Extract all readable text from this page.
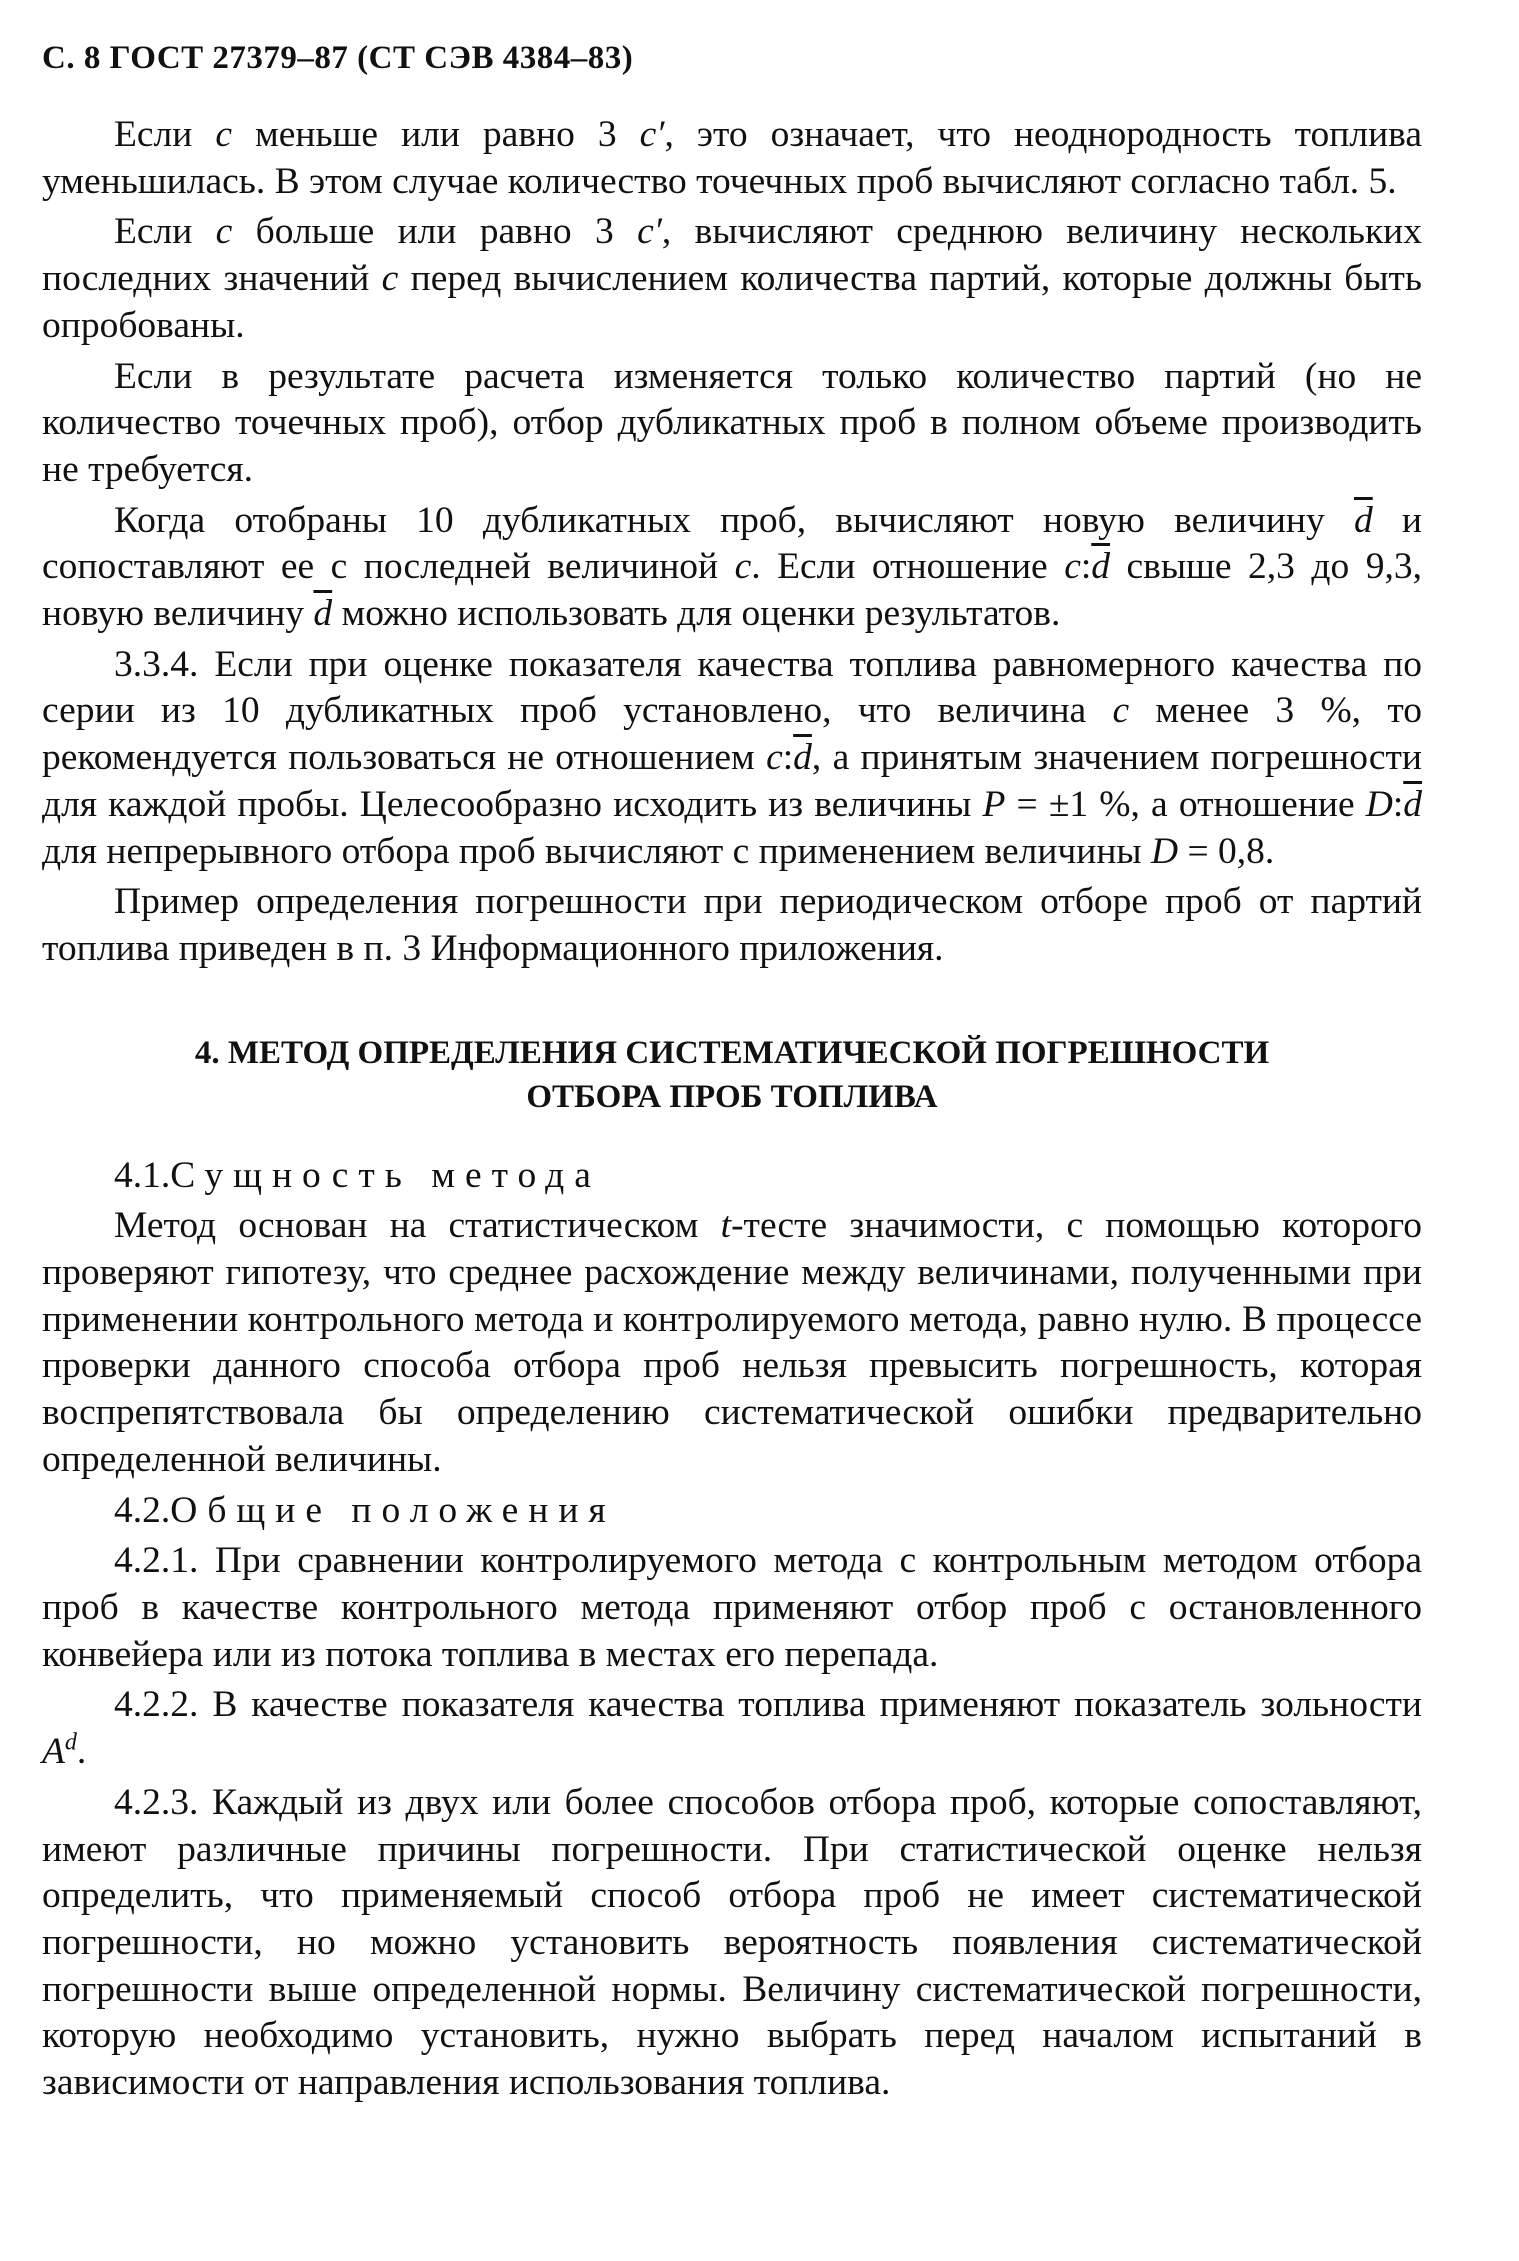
С. 8 ГОСТ 27379–87 (СТ СЭВ 4384–83)

Если c меньше или равно 3 c′, это означает, что неоднородность топлива уменьшилась. В этом случае количество точечных проб вычисляют согласно табл. 5.

Если c больше или равно 3 c′, вычисляют среднюю величину нескольких последних значений c перед вычислением количества партий, которые должны быть опробованы.

Если в результате расчета изменяется только количество партий (но не количество точечных проб), отбор дубликатных проб в полном объеме производить не требуется.

Когда отобраны 10 дубликатных проб, вычисляют новую величину $\overline{d}$ и сопоставляют ее с последней величиной c. Если отношение $c:\overline{d}$ свыше 2,3 до 9,3, новую величину $\overline{d}$ можно использовать для оценки результатов.

3.3.4. Если при оценке показателя качества топлива равномерного качества по серии из 10 дубликатных проб установлено, что величина c менее 3 %, то рекомендуется пользоваться не отношением $c:\overline{d}$, а принятым значением погрешности для каждой пробы. Целесообразно исходить из величины P = ±1 %, а отношение $D:\overline{d}$ для непрерывного отбора проб вычисляют с применением величины D = 0,8.

Пример определения погрешности при периодическом отборе проб от партий топлива приведен в п. 3 Информационного приложения.

4. МЕТОД ОПРЕДЕЛЕНИЯ СИСТЕМАТИЧЕСКОЙ ПОГРЕШНОСТИ
ОТБОРА ПРОБ ТОПЛИВА

4.1.Сущность метода

Метод основан на статистическом t-тесте значимости, с помощью которого проверяют гипотезу, что среднее расхождение между величинами, полученными при применении контрольного метода и контролируемого метода, равно нулю. В процессе проверки данного способа отбора проб нельзя превысить погрешность, которая воспрепятствовала бы определению систематической ошибки предварительно определенной величины.

4.2.Общие положения

4.2.1. При сравнении контролируемого метода с контрольным методом отбора проб в качестве контрольного метода применяют отбор проб с остановленного конвейера или из потока топлива в местах его перепада.

4.2.2. В качестве показателя качества топлива применяют показатель зольности $A^d$.

4.2.3. Каждый из двух или более способов отбора проб, которые сопоставляют, имеют различные причины погрешности. При статистической оценке нельзя определить, что применяемый способ отбора проб не имеет систематической погрешности, но можно установить вероятность появления систематической погрешности выше определенной нормы. Величину систематической погрешности, которую необходимо установить, нужно выбрать перед началом испытаний в зависимости от направления использования топлива.
